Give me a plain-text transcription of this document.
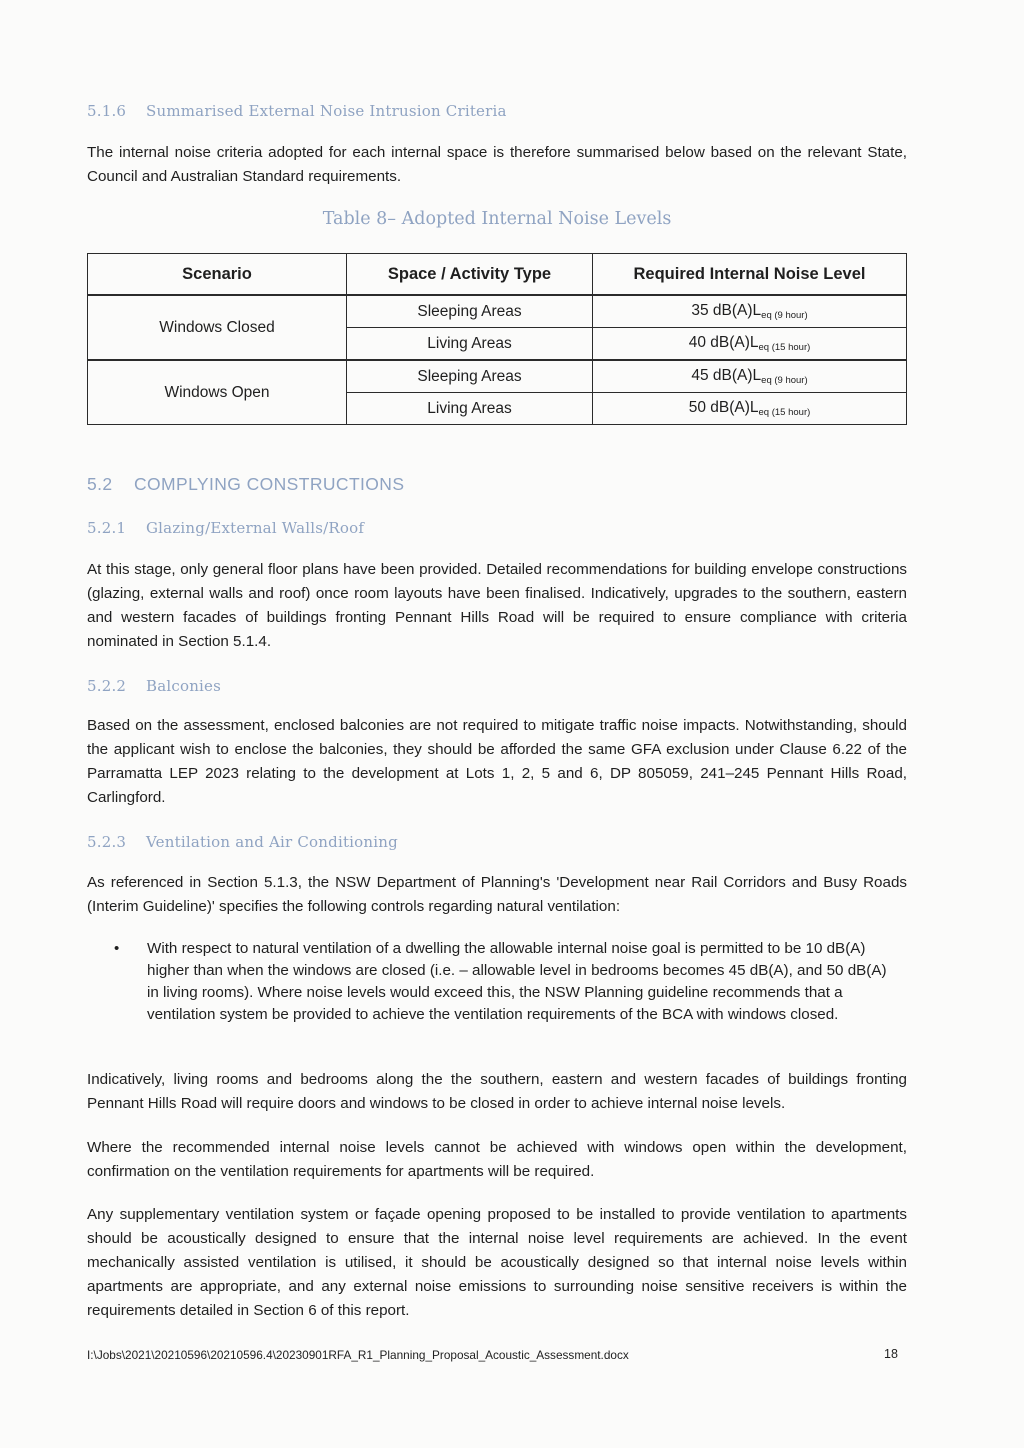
5.1.6 Summarised External Noise Intrusion Criteria
The internal noise criteria adopted for each internal space is therefore summarised below based on the relevant State, Council and Australian Standard requirements.
Table 8– Adopted Internal Noise Levels
Scenario	Space / Activity Type	Required Internal Noise Level
Windows Closed	Sleeping Areas	35 $dB(A)L_{eq (9 hour)}$
	Living Areas	40 $dB(A)L_{eq (15 hour)}$
Windows Open	Sleeping Areas	45 $dB(A)L_{eq (9 hour)}$
	Living Areas	50 $dB(A)L_{eq (15 hour)}$
5.2 COMPLYING CONSTRUCTIONS
5.2.1 Glazing/External Walls/Roof
At this stage, only general floor plans have been provided. Detailed recommendations for building envelope constructions (glazing, external walls and roof) once room layouts have been finalised. Indicatively, upgrades to the southern, eastern and western facades of buildings fronting Pennant Hills Road will be required to ensure compliance with criteria nominated in Section 5.1.4.
5.2.2 Balconies
Based on the assessment, enclosed balconies are not required to mitigate traffic noise impacts. Notwithstanding, should the applicant wish to enclose the balconies, they should be afforded the same GFA exclusion under Clause 6.22 of the Parramatta LEP 2023 relating to the development at Lots 1, 2, 5 and 6, DP 805059, 241–245 Pennant Hills Road, Carlingford.
5.2.3 Ventilation and Air Conditioning
As referenced in Section 5.1.3, the NSW Department of Planning's 'Development near Rail Corridors and Busy Roads (Interim Guideline)' specifies the following controls regarding natural ventilation:
• With respect to natural ventilation of a dwelling the allowable internal noise goal is permitted to be 10 dB(A) higher than when the windows are closed (i.e. – allowable level in bedrooms becomes 45 dB(A), and 50 dB(A) in living rooms). Where noise levels would exceed this, the NSW Planning guideline recommends that a ventilation system be provided to achieve the ventilation requirements of the BCA with windows closed.
Indicatively, living rooms and bedrooms along the the southern, eastern and western facades of buildings fronting Pennant Hills Road will require doors and windows to be closed in order to achieve internal noise levels.
Where the recommended internal noise levels cannot be achieved with windows open within the development, confirmation on the ventilation requirements for apartments will be required.
Any supplementary ventilation system or façade opening proposed to be installed to provide ventilation to apartments should be acoustically designed to ensure that the internal noise level requirements are achieved. In the event mechanically assisted ventilation is utilised, it should be acoustically designed so that internal noise levels within apartments are appropriate, and any external noise emissions to surrounding noise sensitive receivers is within the requirements detailed in Section 6 of this report.
I:\Jobs\2021\20210596\20210596.4\20230901RFA_R1_Planning_Proposal_Acoustic_Assessment.docx	18
